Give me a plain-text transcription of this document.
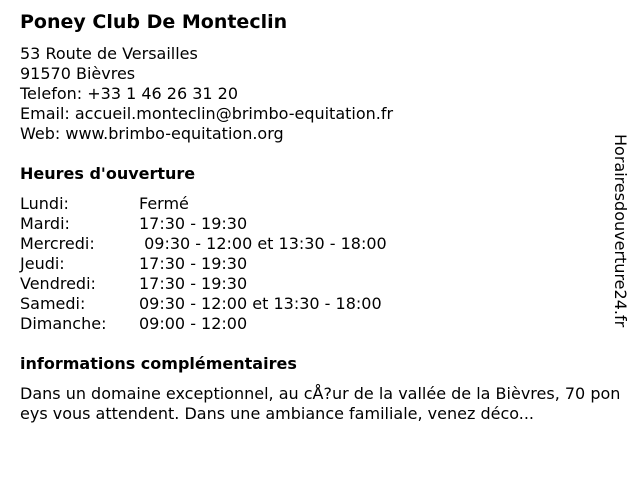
Poney Club De Monteclin
53 Route de Versailles
91570 Bièvres
Telefon: +33 1 46 26 31 20
Email: accueil.monteclin@brimbo-equitation.fr
Web: www.brimbo-equitation.org
Heures d'ouverture
Lundi:	Fermé
Mardi:	17:30 - 19:30
Mercredi:	09:30 - 12:00 et 13:30 - 18:00
Jeudi:	17:30 - 19:30
Vendredi:	17:30 - 19:30
Samedi:	09:30 - 12:00 et 13:30 - 18:00
Dimanche:	09:00 - 12:00
informations complémentaires
Dans un domaine exceptionnel, au cÅ?ur de la vallée de la Bièvres, 70 poneys vous attendent. Dans une ambiance familiale, venez déco...
Horairesdouverture24.fr
